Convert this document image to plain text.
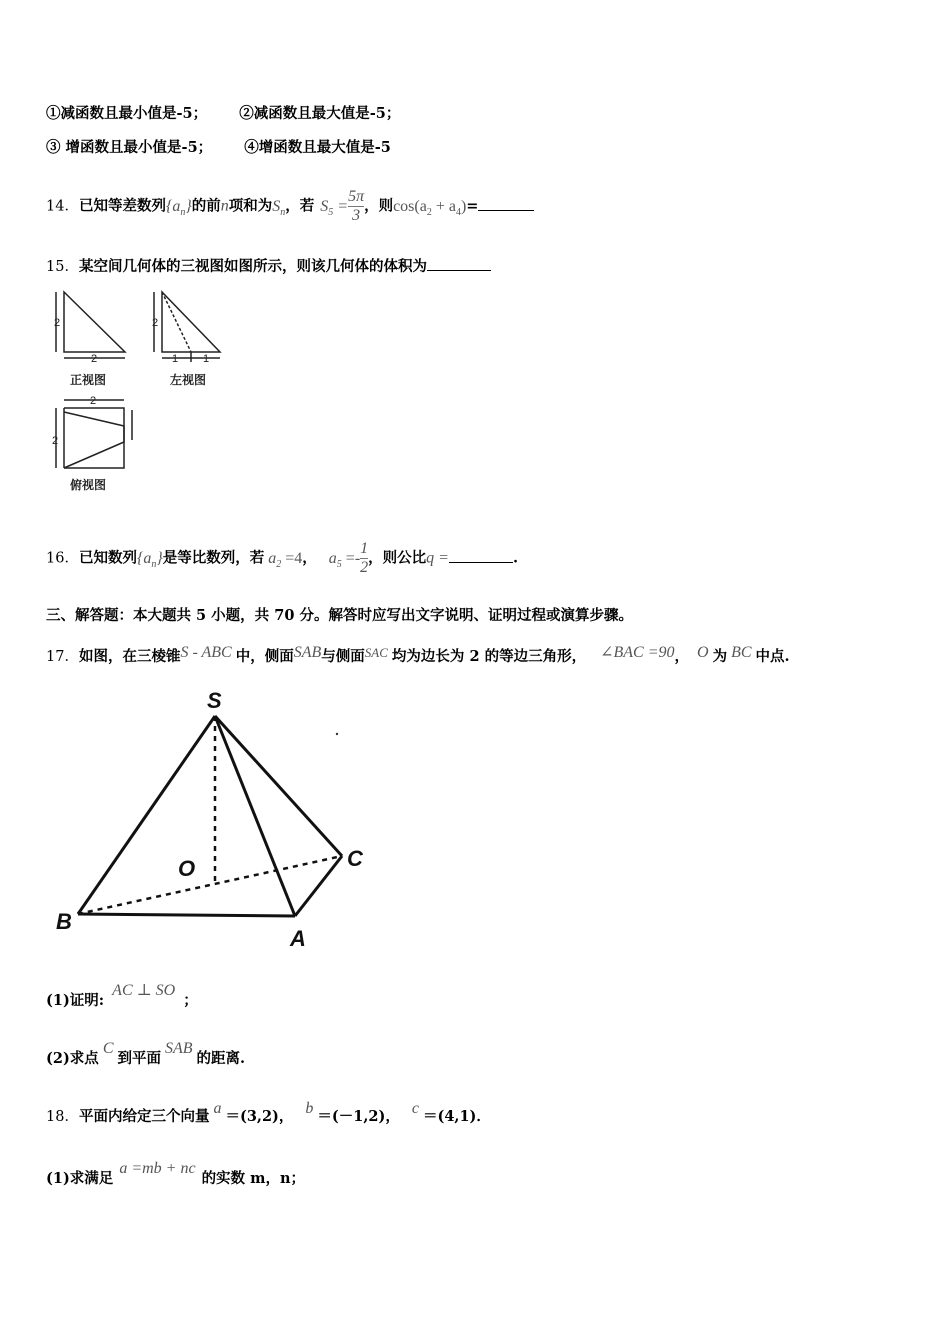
①减函数且最小值是-5； ②减函数且最大值是-5；
③ 增函数且最小值是-5； ④增函数且最大值是-5
14．已知等差数列$\{a_n\}$的前n项和为$S_n$，若 $S_5 = \frac{5\pi}{3}$ ，则$\cos(a_2 + a_4)=$
15．某空间几何体的三视图如图所示，则该几何体的体积为
2
2
2
1 1
2
2
正视图	左视图
俯视图
16．已知数列$\{a_n\}$是等比数列，若 $a_2 =4$， $a_5 =- \frac{1}{2}$ ，则公比q =	.
三、解答题：本大题共 5 小题，共 70 分。解答时应写出文字说明、证明过程或演算步骤。
17．如图，在三棱锥S - ABC 中，侧面SAB与侧面SAC 均为边长为 2 的等边三角形， ∠BAC =90， O 为 BC 中点.
S
O	C
B
A
(1)证明:AC ⊥ SO；
(2)求点C到平面SAB的距离.
18．平面内给定三个向量 a ＝(3,2)， b ＝(－1,2)， c ＝(4,1)．
(1)求满足a =mb + nc的实数 m，n；
